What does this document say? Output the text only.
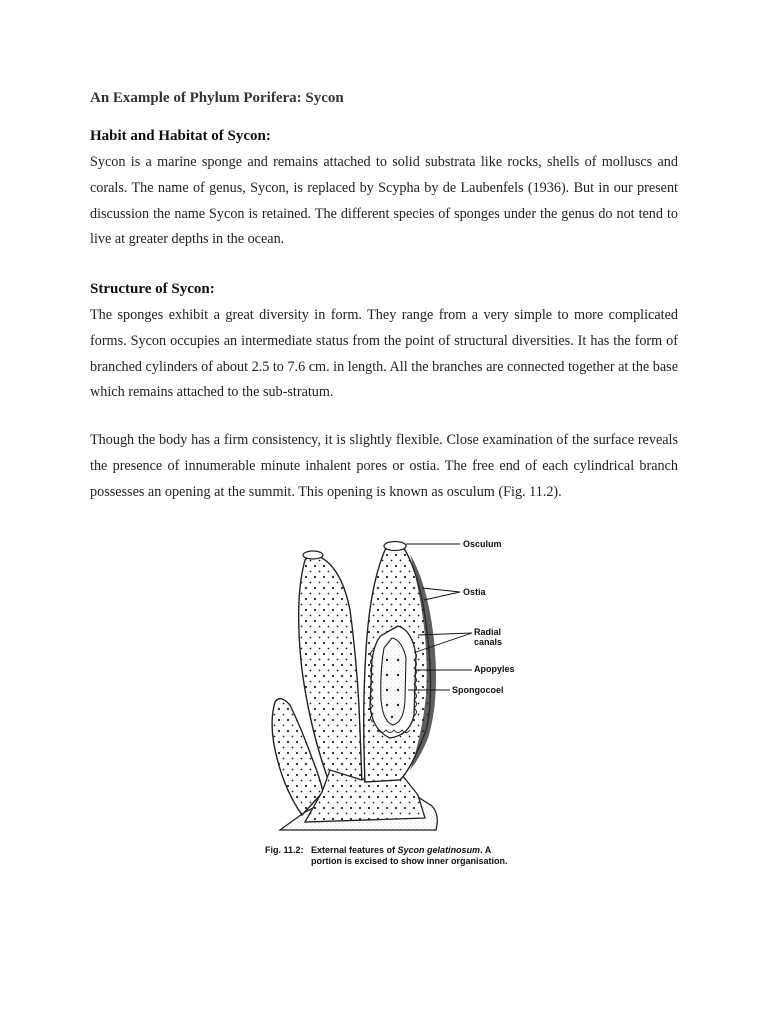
An Example of Phylum Porifera: Sycon
Habit and Habitat of Sycon:

Sycon is a marine sponge and remains attached to solid substrata like rocks, shells of molluscs and corals. The name of genus, Sycon, is replaced by Scypha by de Laubenfels (1936). But in our present discussion the name Sycon is retained. The different species of sponges under the genus do not tend to live at greater depths in the ocean.

Structure of Sycon:

The sponges exhibit a great diversity in form. They range from a very simple to more complicated forms. Sycon occupies an intermediate status from the point of structural diversities. It has the form of branched cylinders of about 2.5 to 7.6 cm. in length. All the branches are connected together at the base which remains attached to the sub-stratum.

Though the body has a firm consistency, it is slightly flexible. Close examination of the surface reveals the presence of innumerable minute inhalent pores or ostia. The free end of each cylindrical branch possesses an opening at the summit. This opening is known as osculum (Fig. 11.2).

Osculum
Ostia
Radial
canals
Apopyles
Spongocoel
Fig. 11.2: External features of Sycon gelatinosum. A
portion is excised to show inner organisation.
